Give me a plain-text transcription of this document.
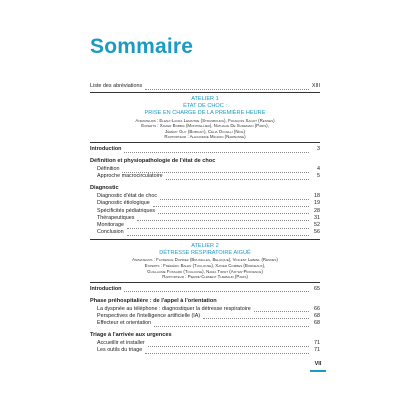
Sommaire
Liste des abréviations	XIII
ATELIER 1
ÉTAT DE CHOC :
PRISE EN CHARGE DE LA PREMIÈRE HEURE
Animateurs : Elena-Laura Lemaitre (Strasbourg), François Sagot (Rennes)
Experts : Xavier Bobbia (Montpellier), Nathalie De Suremain (Paris),
Jérémy Guy (Bobigny), Célia Occelli (Nice)
Rapporteur : Alexandre Mignon (Narbonne)
Introduction	3
Définition et physiopathologie de l'état de choc
Définition	4
Approche macrocirculatoire	5
Diagnostic
Diagnostic d'état de choc	18
Diagnostic étiologique	19
Spécificités pédiatriques	28
Thérapeutiques	31
Monitorage	52
Conclusion	56
ATELIER 2
DÉTRESSE RESPIRATOIRE AIGUË
Animateurs : Florence Dupriez (Bruxelles, Belgique), Vincent Lebrel (Rennes)
Experts : Frédéric Balen (Toulouse), Xavier Combes (Bordeaux),
Guillaume Fossard (Toulouse), Nadia Timsit (Aix-en-Provence)
Rapporteur : Pierre-Clément Thiebaud (Paris)
Introduction	65
Phase préhospitalière : de l'appel à l'orientation
La dyspnée au téléphone : diagnostiquer la détresse respiratoire	66
Perspectives de l'intelligence artificielle (IA)	68
Effecteur et orientation	68
Triage à l'arrivée aux urgences
Accueillir et installer	71
Les outils du triage	71
VII
